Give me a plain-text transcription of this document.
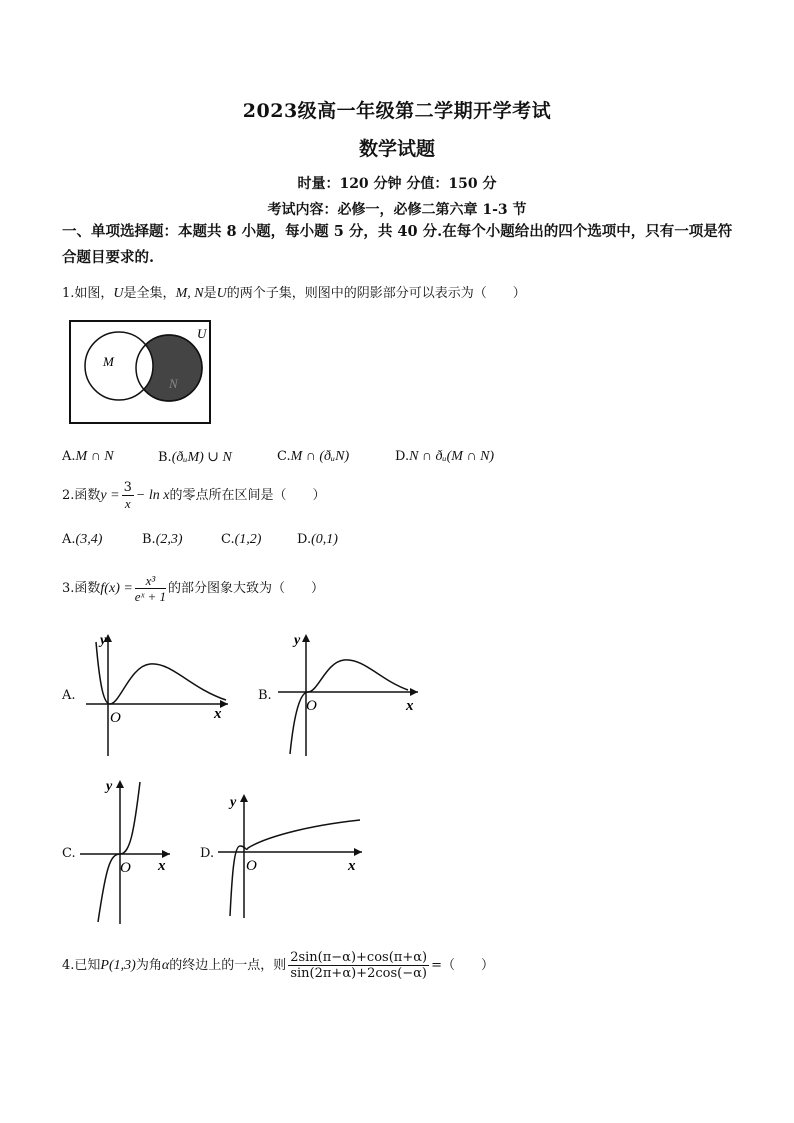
2023级高一年级第二学期开学考试
数学试题
时量：120 分钟 分值：150 分
考试内容：必修一，必修二第六章 1-3 节
一、单项选择题：本题共 8 小题，每小题 5 分，共 40 分.在每个小题给出的四个选项中，只有一项是符合题目要求的.
1.如图，U是全集，M, N是U的两个子集，则图中的阴影部分可以表示为（　　）
U
M
N
A.M ∩ N	B.(ðᵤM) ∪ N	C.M ∩ (ðᵤN)	D.N ∩ ðᵤ(M ∩ N)
2.函数$y = \frac{3}{x} - \ln x$的零点所在区间是（　　）
A.(3,4)	B.(2,3)	C.(1,2)	D.(0,1)
3.函数$f(x) = \frac{\text{x³}}{\text{eˣ + 1}}$ 的部分图象大致为（　　）
A.
x
y
O
B.
x
y
O
C.
x
y
O
D.
x
y
O
4.已知P(1,3)为角α的终边上的一点，则 $\frac{2\sin(\pi-\alpha)+\cos(\pi+\alpha)}{\sin(2\pi+\alpha)+2\cos(-\alpha)}$ =（　　）
